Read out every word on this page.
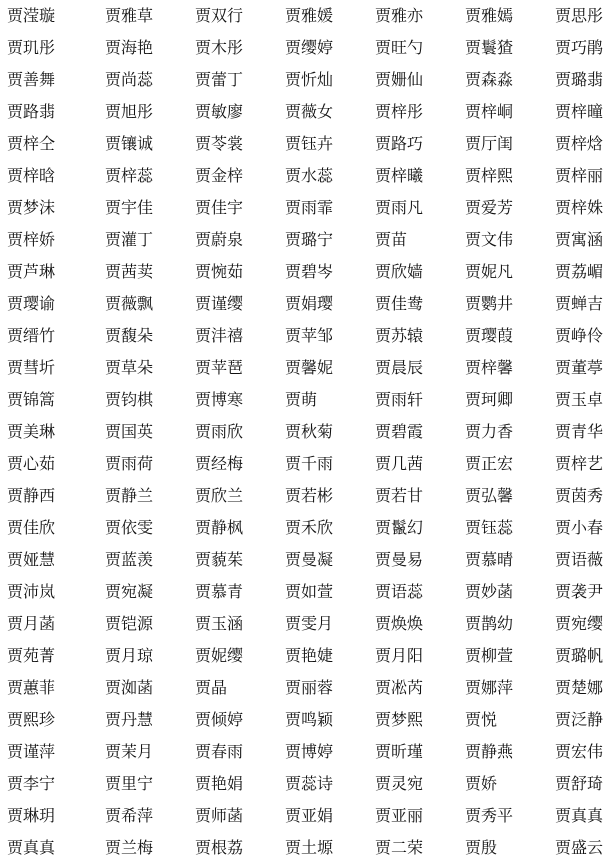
贾滢璇	贾雅草	贾双行	贾雅媛	贾雅亦	贾雅嫣	贾思彤
贾玑彤	贾海艳	贾木彤	贾缨婷	贾旺勺	贾鬟猹	贾巧鹃
贾善舞	贾尚蕊	贾蕾丁	贾忻灿	贾姗仙	贾森淼	贾璐翡
贾路翡	贾旭彤	贾敏廖	贾薇女	贾梓彤	贾梓峒	贾梓曈
贾梓仝	贾镶诚	贾苓裳	贾钰卉	贾路巧	贾厅闺	贾梓焓
贾梓晗	贾梓蕊	贾金梓	贾水蕊	贾梓曦	贾梓熙	贾梓丽
贾梦沫	贾宇佳	贾佳宇	贾雨霏	贾雨凡	贾爱芳	贾梓姝
贾梓娇	贾灌丁	贾蔚泉	贾璐宁	贾苗	贾文伟	贾寓涵
贾芦琳	贾茜荬	贾惋茹	贾碧岑	贾欣嫱	贾妮凡	贾荔嵋
贾璎谕	贾薇飘	贾谨缨	贾娟璎	贾佳鸯	贾鹦井	贾蝉吉
贾缙竹	贾馥朵	贾沣禧	贾苹邹	贾苏辕	贾璎葭	贾峥伶
贾彗圻	贾草朵	贾苹琶	贾馨妮	贾晨辰	贾梓馨	贾董葶
贾锦篙	贾钧棋	贾博寒	贾萌	贾雨轩	贾珂卿	贾玉卓
贾美琳	贾国英	贾雨欣	贾秋菊	贾碧霞	贾力香	贾青华
贾心茹	贾雨荷	贾经梅	贾千雨	贾几茜	贾正宏	贾梓艺
贾静西	贾静兰	贾欣兰	贾若彬	贾若甘	贾弘馨	贾茵秀
贾佳欣	贾依雯	贾静枫	贾禾欣	贾鬣幻	贾钰蕊	贾小春
贾娅慧	贾蓝羡	贾藐茱	贾曼凝	贾曼易	贾慕晴	贾语薇
贾沛岚	贾宛凝	贾慕青	贾如萱	贾语蕊	贾妙菡	贾袭尹
贾月菡	贾铠源	贾玉涵	贾雯月	贾焕焕	贾鹊幼	贾宛缨
贾苑菁	贾月琼	贾妮缨	贾艳婕	贾月阳	贾柳萱	贾璐帆
贾蕙菲	贾洳菡	贾晶	贾丽蓉	贾凇芮	贾娜萍	贾楚娜
贾熙珍	贾丹慧	贾倾婷	贾鸣颖	贾梦熙	贾悦	贾泛静
贾谨萍	贾茉月	贾春雨	贾博婷	贾昕瑾	贾静燕	贾宏伟
贾李宁	贾里宁	贾艳娟	贾蕊诗	贾灵宛	贾娇	贾舒琦
贾琳玥	贾希萍	贾师菡	贾亚娟	贾亚丽	贾秀平	贾真真
贾真真	贾兰梅	贾根荔	贾土塬	贾二荣	贾殷	贾盛云
